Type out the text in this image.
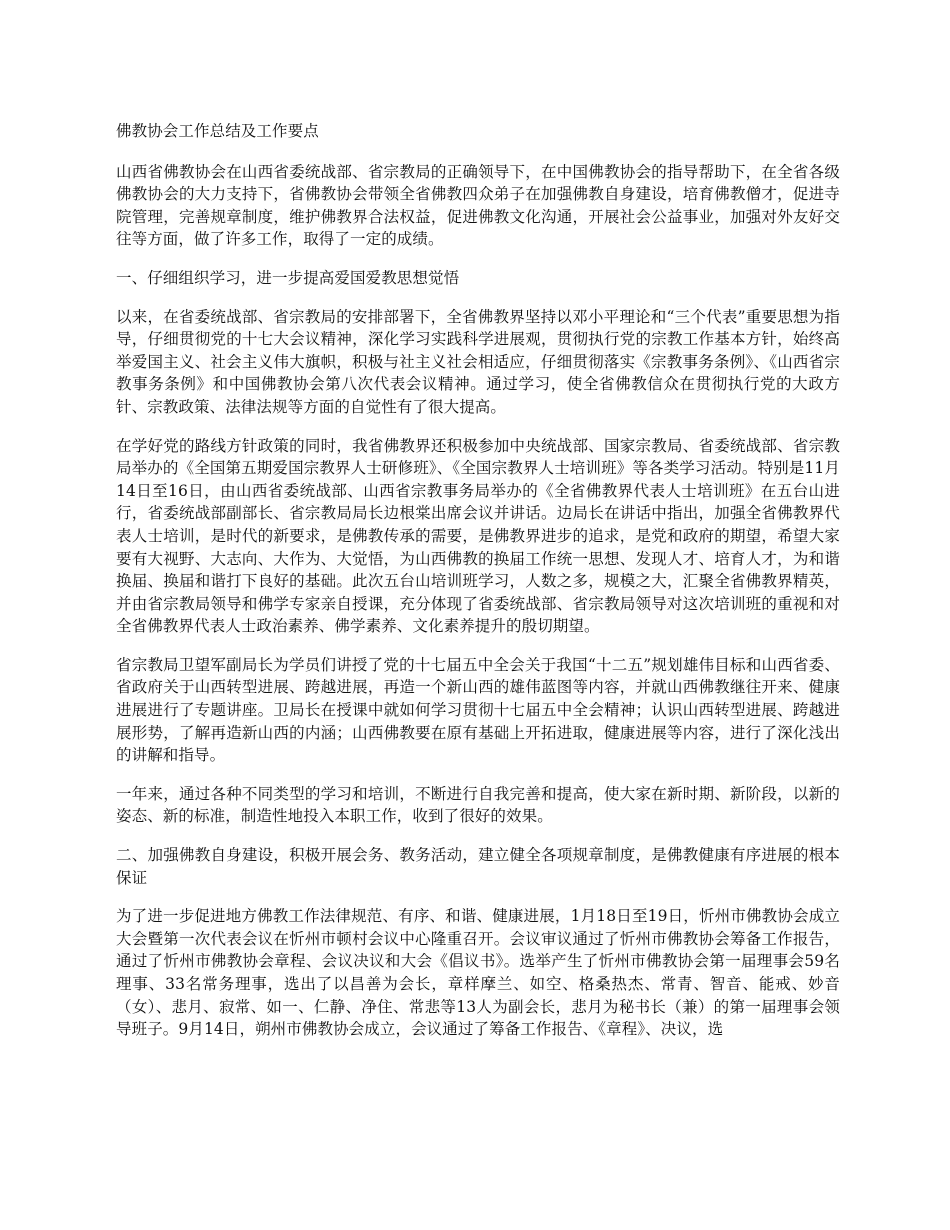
佛教协会工作总结及工作要点

山西省佛教协会在山西省委统战部、省宗教局的正确领导下，在中国佛教协会的指导帮助下，在全省各级佛教协会的大力支持下，省佛教协会带领全省佛教四众弟子在加强佛教自身建设，培育佛教僧才，促进寺院管理，完善规章制度，维护佛教界合法权益，促进佛教文化沟通，开展社会公益事业，加强对外友好交往等方面，做了许多工作，取得了一定的成绩。

一、仔细组织学习，进一步提高爱国爱教思想觉悟

以来，在省委统战部、省宗教局的安排部署下，全省佛教界坚持以邓小平理论和“三个代表”重要思想为指导，仔细贯彻党的十七大会议精神，深化学习实践科学进展观，贯彻执行党的宗教工作基本方针，始终高举爱国主义、社会主义伟大旗帜，积极与社主义社会相适应，仔细贯彻落实《宗教事务条例》、《山西省宗教事务条例》和中国佛教协会第八次代表会议精神。通过学习，使全省佛教信众在贯彻执行党的大政方针、宗教政策、法律法规等方面的自觉性有了很大提高。

在学好党的路线方针政策的同时，我省佛教界还积极参加中央统战部、国家宗教局、省委统战部、省宗教局举办的《全国第五期爱国宗教界人士研修班》、《全国宗教界人士培训班》等各类学习活动。特别是11月14日至16日，由山西省委统战部、山西省宗教事务局举办的《全省佛教界代表人士培训班》在五台山进行，省委统战部副部长、省宗教局局长边根棠出席会议并讲话。边局长在讲话中指出，加强全省佛教界代表人士培训，是时代的新要求，是佛教传承的需要，是佛教界进步的追求，是党和政府的期望，希望大家要有大视野、大志向、大作为、大觉悟，为山西佛教的换届工作统一思想、发现人才、培育人才，为和谐换届、换届和谐打下良好的基础。此次五台山培训班学习，人数之多，规模之大，汇聚全省佛教界精英，并由省宗教局领导和佛学专家亲自授课，充分体现了省委统战部、省宗教局领导对这次培训班的重视和对全省佛教界代表人士政治素养、佛学素养、文化素养提升的殷切期望。

省宗教局卫望军副局长为学员们讲授了党的十七届五中全会关于我国“十二五”规划雄伟目标和山西省委、省政府关于山西转型进展、跨越进展，再造一个新山西的雄伟蓝图等内容，并就山西佛教继往开来、健康进展进行了专题讲座。卫局长在授课中就如何学习贯彻十七届五中全会精神；认识山西转型进展、跨越进展形势，了解再造新山西的内涵；山西佛教要在原有基础上开拓进取，健康进展等内容，进行了深化浅出的讲解和指导。

一年来，通过各种不同类型的学习和培训，不断进行自我完善和提高，使大家在新时期、新阶段，以新的姿态、新的标准，制造性地投入本职工作，收到了很好的效果。

二、加强佛教自身建设，积极开展会务、教务活动，建立健全各项规章制度，是佛教健康有序进展的根本保证

为了进一步促进地方佛教工作法律规范、有序、和谐、健康进展，1月18日至19日，忻州市佛教协会成立大会暨第一次代表会议在忻州市顿村会议中心隆重召开。会议审议通过了忻州市佛教协会筹备工作报告，通过了忻州市佛教协会章程、会议决议和大会《倡议书》。选举产生了忻州市佛教协会第一届理事会59名理事、33名常务理事，选出了以昌善为会长，章样摩兰、如空、格桑热杰、常青、智音、能戒、妙音（女）、悲月、寂常、如一、仁静、净住、常悲等13人为副会长，悲月为秘书长（兼）的第一届理事会领导班子。9月14日，朔州市佛教协会成立，会议通过了筹备工作报告、《章程》、决议，选
